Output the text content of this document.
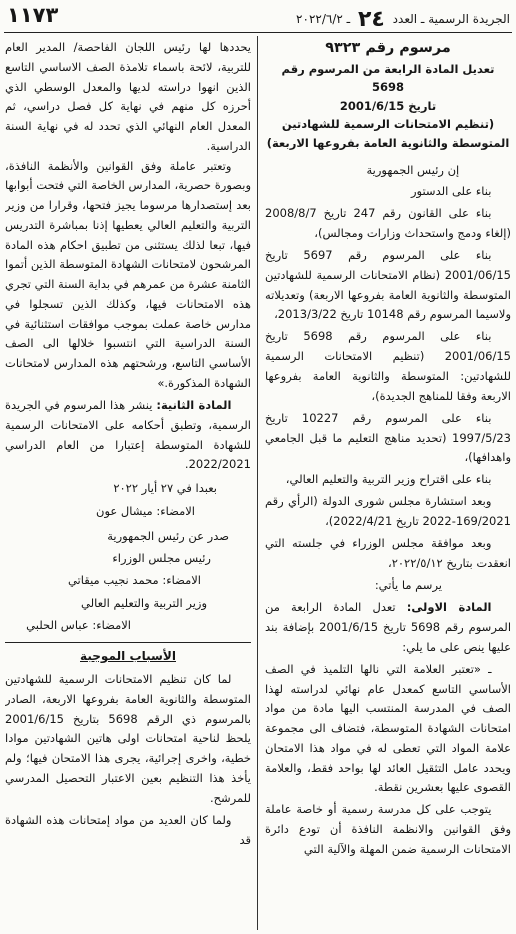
١١٧٣	الجريدة الرسمية ـ العدد ٢٤ ـ ٢٠٢٢/٦/٢

مرسوم رقم ٩٣٢٣

تعديل المادة الرابعة من المرسوم رقم 5698

تاريخ 2001/6/15

(تنظيم الامتحانات الرسمية للشهادتين

المتوسطة والثانوية العامة بفروعها الاربعة)

إن رئيس الجمهورية

بناء على الدستور

بناء على القانون رقم 247 تاريخ 2008/8/7 (إلغاء ودمج واستحداث وزارات ومجالس)،

بناء على المرسوم رقم 5697 تاريخ 2001/06/15 (نظام الامتحانات الرسمية للشهادتين المتوسطة والثانوية العامة بفروعها الاربعة) وتعديلاته ولاسيما المرسوم رقم 10148 تاريخ 2013/3/22،

بناء على المرسوم رقم 5698 تاريخ 2001/06/15 (تنظيم الامتحانات الرسمية للشهادتين: المتوسطة والثانوية العامة بفروعها الاربعة وفقا للمناهج الجديدة)،

بناء على المرسوم رقم 10227 تاريخ 1997/5/23 (تحديد مناهج التعليم ما قبل الجامعي واهدافها)،

بناء على اقتراح وزير التربية والتعليم العالي،

وبعد استشارة مجلس شورى الدولة (الرأي رقم 169/2021-2022 تاريخ 2022/4/21)،

وبعد موافقة مجلس الوزراء في جلسته التي انعقدت بتاريخ ٢٠٢٢/٥/١٢،

يرسم ما يأتي:

المادة الاولى: تعدل المادة الرابعة من المرسوم رقم 5698 تاريخ 2001/6/15 بإضافة بند عليها ينص على ما يلي:

ـ «تعتبر العلامة التي نالها التلميذ في الصف الأساسي التاسع كمعدل عام نهائي لدراسته لهذا الصف في المدرسة المنتسب اليها مادة من مواد امتحانات الشهادة المتوسطة، فتضاف الى مجموعة علامة المواد التي تعطى له في مواد هذا الامتحان ويحدد عامل التثقيل العائد لها بواحد فقط، والعلامة القصوى عليها بعشرين نقطة.

يتوجب على كل مدرسة رسمية أو خاصة عاملة وفق القوانين والانظمة النافذة أن تودع دائرة الامتحانات الرسمية ضمن المهلة والآلية التي

يحددها لها رئيس اللجان الفاحصة/ المدير العام للتربية، لائحة باسماء تلامذة الصف الاساسي التاسع الذين انهوا دراسته لديها والمعدل الوسطي الذي أحرزه كل منهم في نهاية كل فصل دراسي، ثم المعدل العام النهائي الذي تحدد له في نهاية السنة الدراسية.

وتعتبر عاملة وفق القوانين والأنظمة النافذة، وبصورة حصرية، المدارس الخاصة التي فتحت أبوابها بعد إستصدارها مرسوما يجيز فتحها، وقرارا من وزير التربية والتعليم العالي يعطيها إذنا بمباشرة التدريس فيها، تبعا لذلك يستثنى من تطبيق احكام هذه المادة المرشحون لامتحانات الشهادة المتوسطة الذين أتموا الثامنة عشرة من عمرهم في بداية السنة التي تجري هذه الامتحانات فيها، وكذلك الذين تسجلوا في مدارس خاصة عملت بموجب موافقات استثنائية في السنة الدراسية التي انتسبوا خلالها الى الصف الأساسي التاسع، ورشحتهم هذه المدارس لامتحانات الشهادة المذكورة.»

المادة الثانية: ينشر هذا المرسوم في الجريدة الرسمية، وتطبق أحكامه على الامتحانات الرسمية للشهادة المتوسطة إعتبارا من العام الدراسي 2022/2021.

بعبدا في ٢٧ أيار ٢٠٢٢

الامضاء: ميشال عون

صدر عن رئيس الجمهورية

رئيس مجلس الوزراء

الامضاء: محمد نجيب ميقاتي

وزير التربية والتعليم العالي

الامضاء: عباس الحلبي

الأسباب الموجبة

لما كان تنظيم الامتحانات الرسمية للشهادتين المتوسطة والثانوية العامة بفروعها الاربعة، الصادر بالمرسوم ذي الرقم 5698 بتاريخ 2001/6/15 يلحظ لناحية امتحانات اولى هاتين الشهادتين موادا خطية، واخرى إجرائية، يجرى هذا الامتحان فيها؛ ولم يأخذ هذا التنظيم بعين الاعتبار التحصيل المدرسي للمرشح.

ولما كان العديد من مواد إمتحانات هذه الشهادة قد
